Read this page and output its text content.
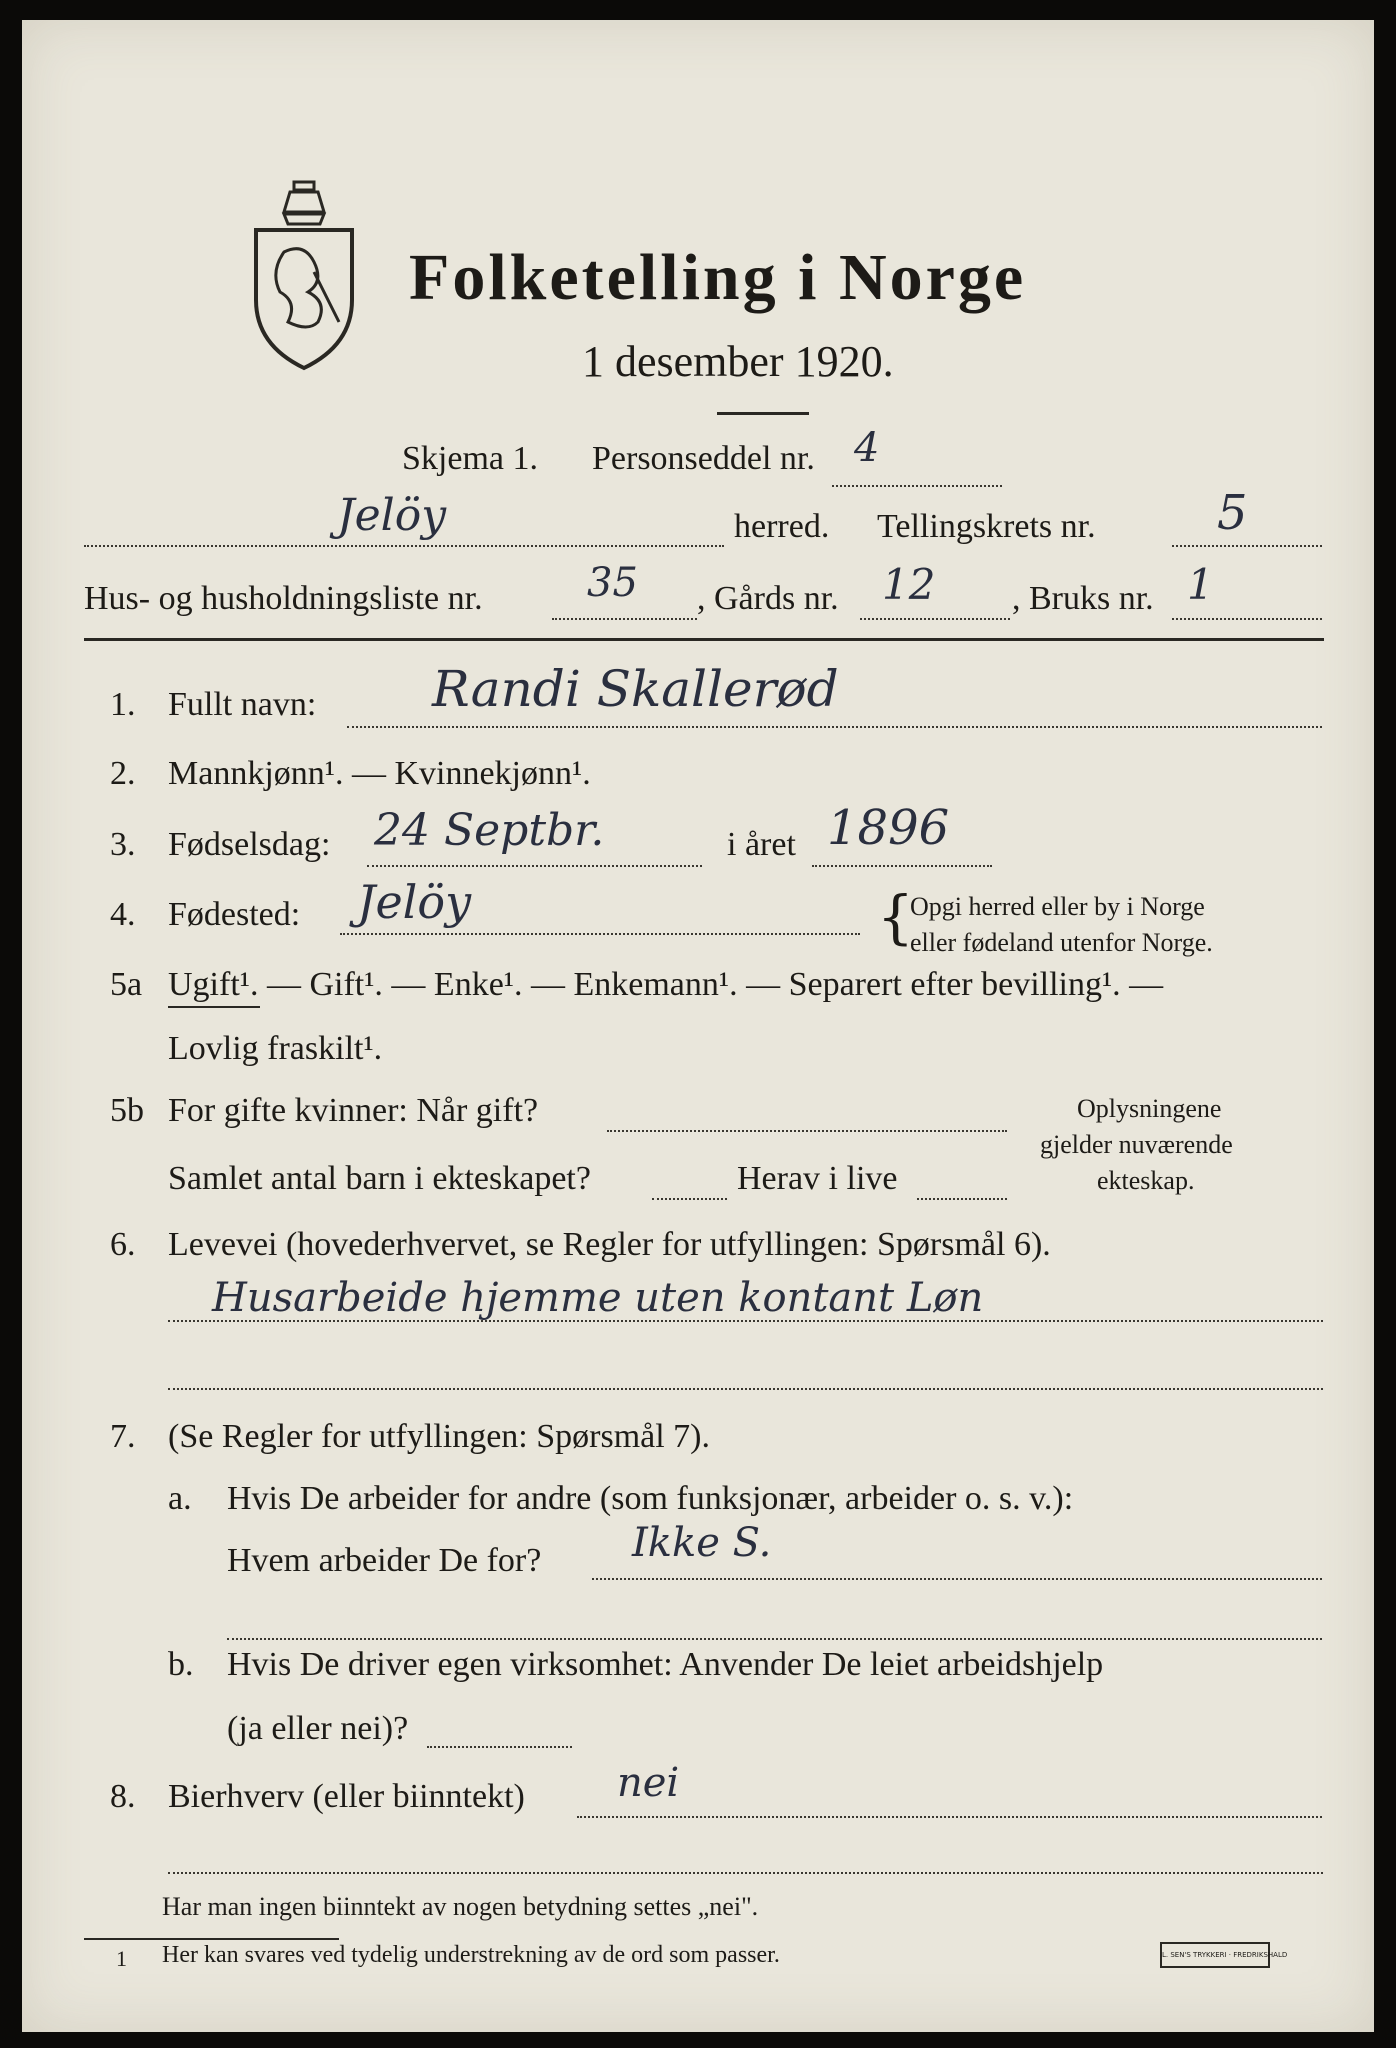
Folketelling i Norge
1 desember 1920.
Skjema 1. Personseddel nr. 4
Jelöy	herred. Tellingskrets nr.	5
Hus- og husholdningsliste nr.	35 , Gårds nr. 12 , Bruks nr. 1
1. Fullt navn: Randi Skallerød
2. Mannkjønn¹. — Kvinnekjønn¹.
3. Fødselsdag: 24 Septbr.	i året 1896
4. Fødested: Jelöy	{
Opgi herred eller by i Norge
eller fødeland utenfor Norge.
5a Ugift¹. — Gift¹. — Enke¹. — Enkemann¹. — Separert efter bevilling¹. —
Lovlig fraskilt¹.
5b For gifte kvinner: Når gift?
Samlet antal barn i ekteskapet?	Herav i live
Oplysningene
gjelder nuværende
ekteskap.
6. Levevei (hovederhvervet, se Regler for utfyllingen: Spørsmål 6).
Husarbeide hjemme uten kontant Løn
7. (Se Regler for utfyllingen: Spørsmål 7).
a. Hvis De arbeider for andre (som funksjonær, arbeider o. s. v.):
Hvem arbeider De for? Ikke S.
b. Hvis De driver egen virksomhet: Anvender De leiet arbeidshjelp
(ja eller nei)?
8. Bierhverv (eller biinntekt) nei
Har man ingen biinntekt av nogen betydning settes „nei".
1 Her kan svares ved tydelig understrekning av de ord som passer.	L. SEN'S TRYKKERI · FREDRIKSHALD
